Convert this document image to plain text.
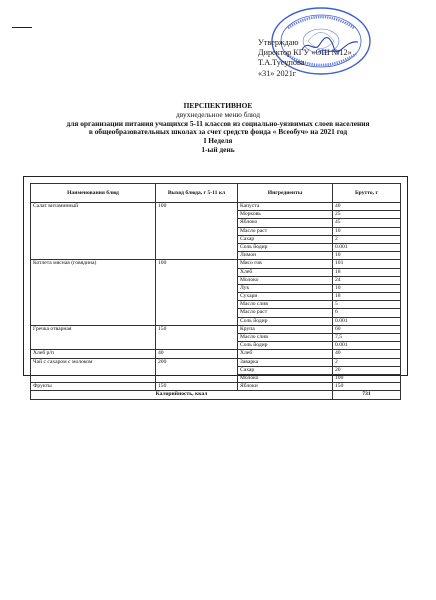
Утверждаю
Директор КГУ «ОШ №12»
Т.А.Тусупова
«31» 2021г
ПЕРСПЕКТИВНОЕ
двухнедельное меню блюд
для организации питания учащихся 5-11 классов из социально-уязвимых слоев населения
в общеобразовательных школах за счет средств фонда « Всеобуч» на 2021 год
I Неделя
1-ый день
Наименования блюд	Выход блюда, г 5-11 кл	Ингредиенты	Брутто, г
Салат витаминный	100	Капуста	40
		Морковь	25
		Яблоко	45
		Масло раст	10
		Сахар	2
		Соль йодир	0.001
		Лимон	10
Котлета мясная (говядина)	100	Мясо гов	101
		Хлеб	18
		Молоко	24
		Лук	10
		Сухари	18
		Масло слив	5
		Масло раст	6
		Соль йодир	0.001
Гречка отварная	150	Крупа	60
		Масло слив	7,5
		Соль йодир	0.001
Хлеб р/п	40	Хлеб	40
Чай с сахаром с молоком	200	Заварка	2
		Сахар	20
		Молоко	100
Фрукты	150	Яблоки	150
Калорийность, ккал			731
